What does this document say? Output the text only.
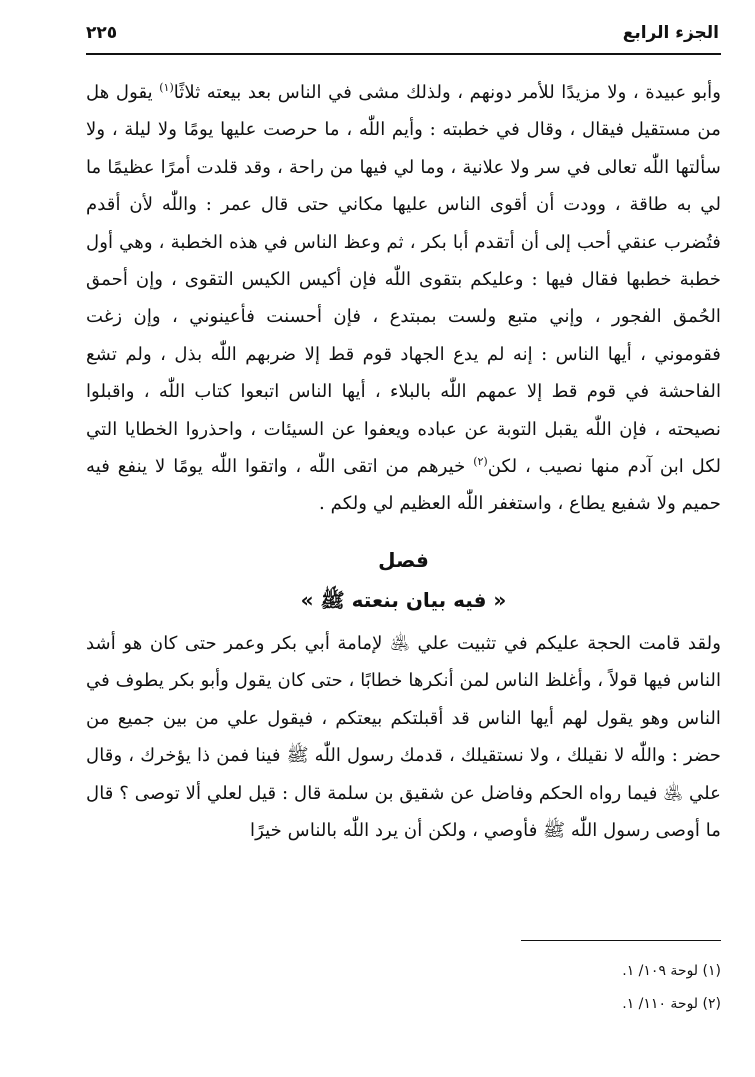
الجزء الرابع
٢٢٥

وأبو عبيدة ، ولا مزيدًا للأمر دونهم ، ولذلك مشى في الناس بعد بيعته ثلاثًا$^{(١)}$ يقول هل من مستقيل فيقال ، وقال في خطبته : وأيم اللّٰه ، ما حرصت عليها يومًا ولا ليلة ، ولا سألتها اللّٰه تعالى في سر ولا علانية ، وما لي فيها من راحة ، وقد قلدت أمرًا عظيمًا ما لي به طاقة ، وودت أن أقوى الناس عليها مكاني حتى قال عمر : واللّٰه لأن أقدم فتُضرب عنقي أحب إلى أن أتقدم أبا بكر ، ثم وعظ الناس في هذه الخطبة ، وهي أول خطبة خطبها فقال فيها : وعليكم بتقوى اللّٰه فإن أكيس الكيس التقوى ، وإن أحمق الحُمق الفجور ، وإني متبع ولست بمبتدع ، فإن أحسنت فأعينوني ، وإن زغت فقوموني ، أيها الناس : إنه لم يدع الجهاد قوم قط إلا ضربهم اللّٰه بذل ، ولم تشع الفاحشة في قوم قط إلا عمهم اللّٰه بالبلاء ، أيها الناس اتبعوا كتاب اللّٰه ، واقبلوا نصيحته ، فإن اللّٰه يقبل التوبة عن عباده ويعفوا عن السيئات ، واحذروا الخطايا التي لكل ابن آدم منها نصيب ، لكن$^{(٢)}$ خيرهم من اتقى اللّٰه ، واتقوا اللّٰه يومًا لا ينفع فيه حميم ولا شفيع يطاع ، واستغفر اللّٰه العظيم لي ولكم .

فصل

« فيه بيان بنعته ﷺ »

ولقد قامت الحجة عليكم في تثبيت علي ﵁ لإمامة أبي بكر وعمر حتى كان هو أشد الناس فيها قولاً ، وأغلظ الناس لمن أنكرها خطابًا ، حتى كان يقول وأبو بكر يطوف في الناس وهو يقول لهم أيها الناس قد أقبلتكم بيعتكم ، فيقول علي من بين جميع من حضر : واللّٰه لا نقيلك ، ولا نستقيلك ، قدمك رسول اللّٰه ﷺ فينا فمن ذا يؤخرك ، وقال علي ﵁ فيما رواه الحكم وفاضل عن شقيق بن سلمة قال : قيل لعلي ألا توصى ؟ قال ما أوصى رسول اللّٰه ﷺ فأوصي ، ولكن أن يرد اللّٰه بالناس خيرًا

(١) لوحة ١٠٩/ ١.

(٢) لوحة ١١٠/ ١.
